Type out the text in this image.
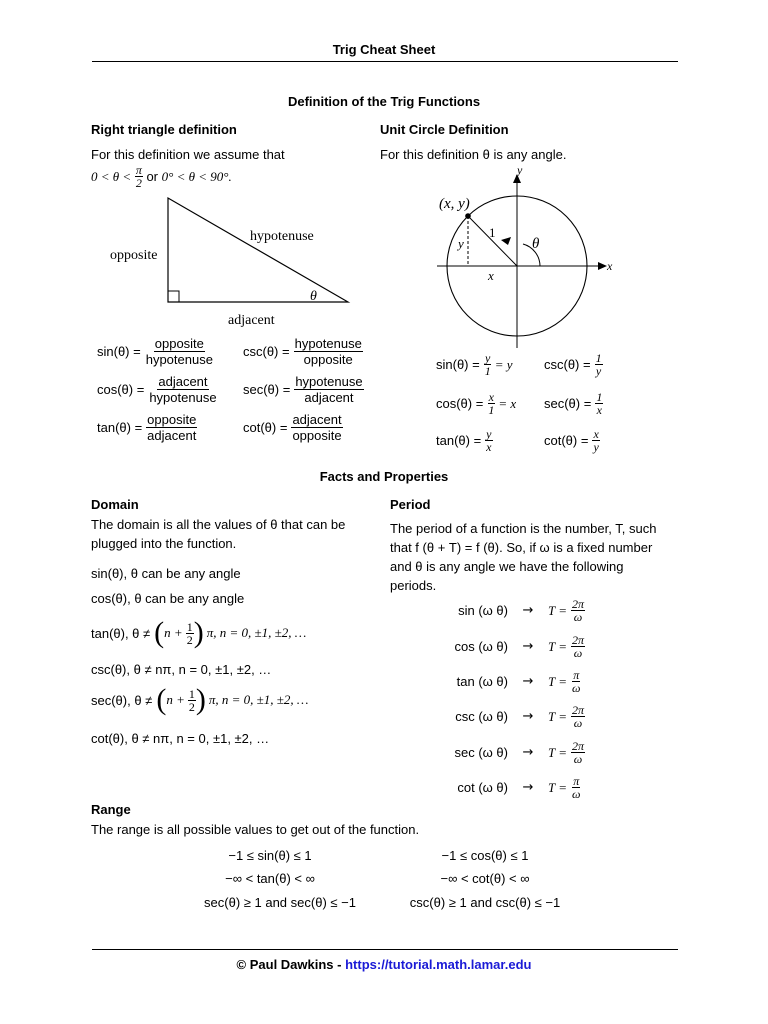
Trig Cheat Sheet
Definition of the Trig Functions
Right triangle definition
For this definition we assume that
0 < θ <
$\frac{\pi}{2}$
or
0° < θ < 90°.
opposite
hypotenuse
adjacent
θ
$\sin(\theta) = \frac{\text{opposite}}{\text{hypotenuse}} \csc(\theta) = \frac{\text{hypotenuse}}{\text{opposite}}$
$\cos(\theta) = \frac{\text{adjacent}}{\text{hypotenuse}} \sec(\theta) = \frac{\text{hypotenuse}}{\text{adjacent}}$
$\tan(\theta) = \frac{\text{opposite}}{\text{adjacent}}$	$\cot(\theta) = \frac{\text{adjacent}}{\text{opposite}}$
Unit Circle Definition
For this definition θ is any angle.
(x, y)
x
y
x
y
1
θ
$\sin(\theta) = \frac{y}{1} = y$ $\csc(\theta) = \frac{1}{y}$
$\cos(\theta) = \frac{x}{1} = x$ $\sec(\theta) = \frac{1}{x}$
$\tan(\theta) = \frac{y}{x}$	$\cot(\theta) = \frac{x}{y}$
Facts and Properties
Domain
The domain is all the values of θ that can be
plugged into the function.
sin(θ), θ can be any angle
cos(θ), θ can be any angle
tan(θ), θ ≠ ( $n + \frac{1}{2}$ ) π, n = 0, ±1, ±2, …
csc(θ), θ ≠ nπ, n = 0, ±1, ±2, …
sec(θ), θ ≠ ( $n + \frac{1}{2}$ ) π, n = 0, ±1, ±2, …
cot(θ), θ ≠ nπ, n = 0, ±1, ±2, …
Period
The period of a function is the number, T, such
that f (θ + T) = f (θ). So, if ω is a fixed number
and θ is any angle we have the following
periods.
sin (ω θ)	→	$T = \frac{2\pi}{\omega}$
cos (ω θ)	→	$T = \frac{2\pi}{\omega}$
tan (ω θ)	→	$T = \frac{\pi}{\omega}$
csc (ω θ)	→	$T = \frac{2\pi}{\omega}$
sec (ω θ)	→	$T = \frac{2\pi}{\omega}$
cot (ω θ)	→	$T = \frac{\pi}{\omega}$
Range
The range is all possible values to get out of the function.
−1 ≤ sin(θ) ≤ 1	−1 ≤ cos(θ) ≤ 1
−∞ < tan(θ) < ∞	−∞ < cot(θ) < ∞
sec(θ) ≥ 1 and sec(θ) ≤ −1	csc(θ) ≥ 1 and csc(θ) ≤ −1
© Paul Dawkins - https://tutorial.math.lamar.edu
